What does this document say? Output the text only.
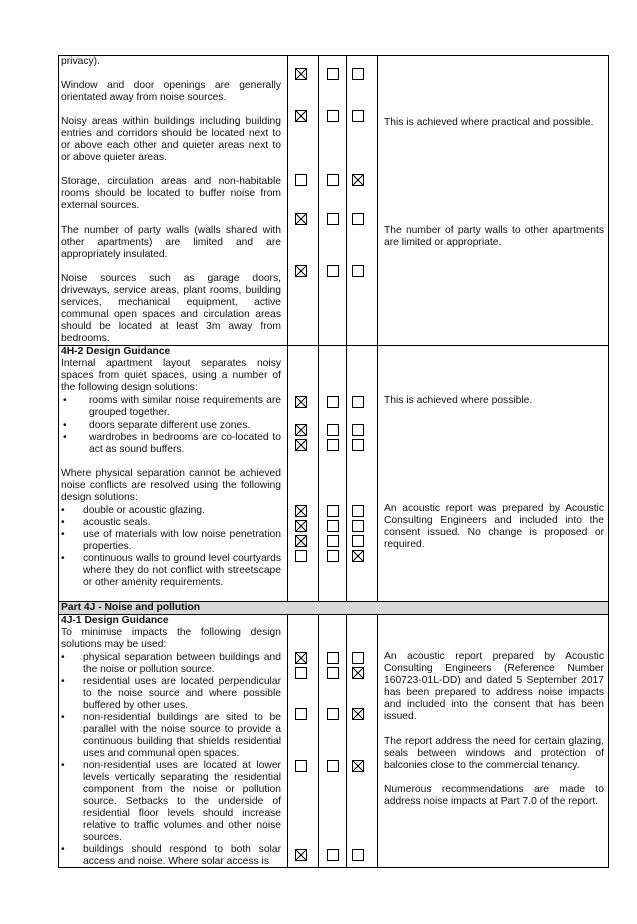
privacy).
Window and door openings are generally orientated away from noise sources.
Noisy areas within buildings including building entries and corridors should be located next to or above each other and quieter areas next to or above quieter areas.
Storage, circulation areas and non-habitable rooms should be located to buffer noise from external sources.
The number of party walls (walls shared with other apartments) are limited and are appropriately insulated.
Noise sources such as garage doors, driveways, service areas, plant rooms, building services, mechanical equipment, active communal open spaces and circulation areas should be located at least 3m away from bedrooms.
This is achieved where practical and possible.
The number of party walls to other apartments are limited or appropriate.
4H-2 Design Guidance
Internal apartment layout separates noisy spaces from quiet spaces, using a number of the following design solutions:
• rooms with similar noise requirements are grouped together.
• doors separate different use zones.
• wardrobes in bedrooms are co-located to act as sound buffers.
Where physical separation cannot be achieved noise conflicts are resolved using the following design solutions:
• double or acoustic glazing.
• acoustic seals.
• use of materials with low noise penetration properties.
• continuous walls to ground level courtyards where they do not conflict with streetscape or other amenity requirements.
This is achieved where possible.
An acoustic report was prepared by Acoustic Consulting Engineers and included into the consent issued. No change is proposed or required.
Part 4J - Noise and pollution
4J-1 Design Guidance
To minimise impacts the following design solutions may be used:
• physical separation between buildings and the noise or pollution source.
• residential uses are located perpendicular to the noise source and where possible buffered by other uses.
• non-residential buildings are sited to be parallel with the noise source to provide a continuous building that shields residential uses and communal open spaces.
• non-residential uses are located at lower levels vertically separating the residential component from the noise or pollution source. Setbacks to the underside of residential floor levels should increase relative to traffic volumes and other noise sources.
• buildings should respond to both solar access and noise. Where solar access is
An acoustic report prepared by Acoustic Consulting Engineers (Reference Number 160723-01L-DD) and dated 5 September 2017 has been prepared to address noise impacts and included into the consent that has been issued.
The report address the need for certain glazing, seals between windows and protection of balconies close to the commercial tenancy.
Numerous recommendations are made to address noise impacts at Part 7.0 of the report.
